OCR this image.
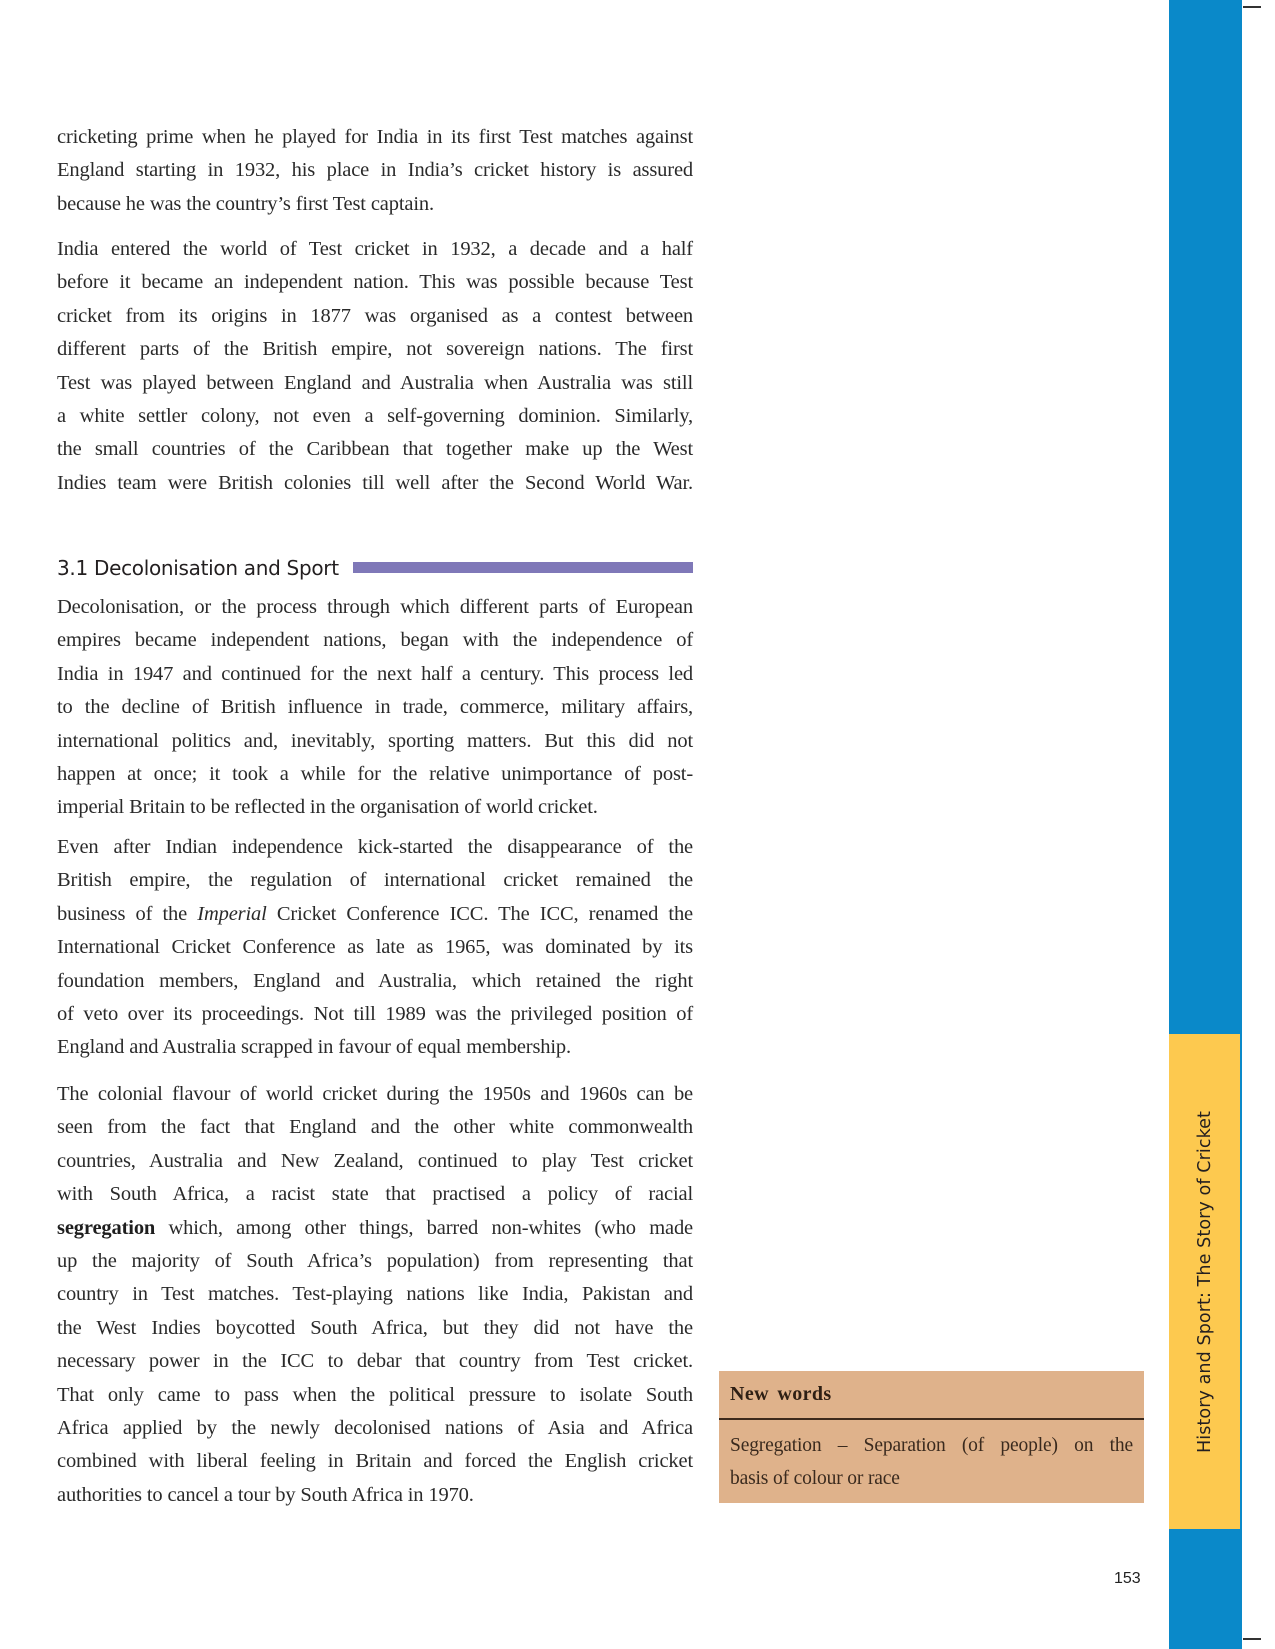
cricketing prime when he played for India in its first Test matches against
England starting in 1932, his place in India’s cricket history is assured
because he was the country’s first Test captain.
India entered the world of Test cricket in 1932, a decade and a half
before it became an independent nation. This was possible because Test
cricket from its origins in 1877 was organised as a contest between
different parts of the British empire, not sovereign nations. The first
Test was played between England and Australia when Australia was still
a white settler colony, not even a self-governing dominion. Similarly,
the small countries of the Caribbean that together make up the West
Indies team were British colonies till well after the Second World War.
Decolonisation, or the process through which different parts of European
empires became independent nations, began with the independence of
India in 1947 and continued for the next half a century. This process led
to the decline of British influence in trade, commerce, military affairs,
international politics and, inevitably, sporting matters. But this did not
happen at once; it took a while for the relative unimportance of post-
imperial Britain to be reflected in the organisation of world cricket.
Even after Indian independence kick-started the disappearance of the
British empire, the regulation of international cricket remained the
business of the Imperial Cricket Conference ICC. The ICC, renamed the
International Cricket Conference as late as 1965, was dominated by its
foundation members, England and Australia, which retained the right
of veto over its proceedings. Not till 1989 was the privileged position of
England and Australia scrapped in favour of equal membership.
The colonial flavour of world cricket during the 1950s and 1960s can be
seen from the fact that England and the other white commonwealth
countries, Australia and New Zealand, continued to play Test cricket
with South Africa, a racist state that practised a policy of racial
segregation which, among other things, barred non-whites (who made
up the majority of South Africa’s population) from representing that
country in Test matches. Test-playing nations like India, Pakistan and
the West Indies boycotted South Africa, but they did not have the
necessary power in the ICC to debar that country from Test cricket.
That only came to pass when the political pressure to isolate South
Africa applied by the newly decolonised nations of Asia and Africa
combined with liberal feeling in Britain and forced the English cricket
authorities to cancel a tour by South Africa in 1970.
3.1 Decolonisation and Sport
New words
Segregation – Separation (of people) on the
basis of colour or race
153
History and Sport: The Story of Cricket
